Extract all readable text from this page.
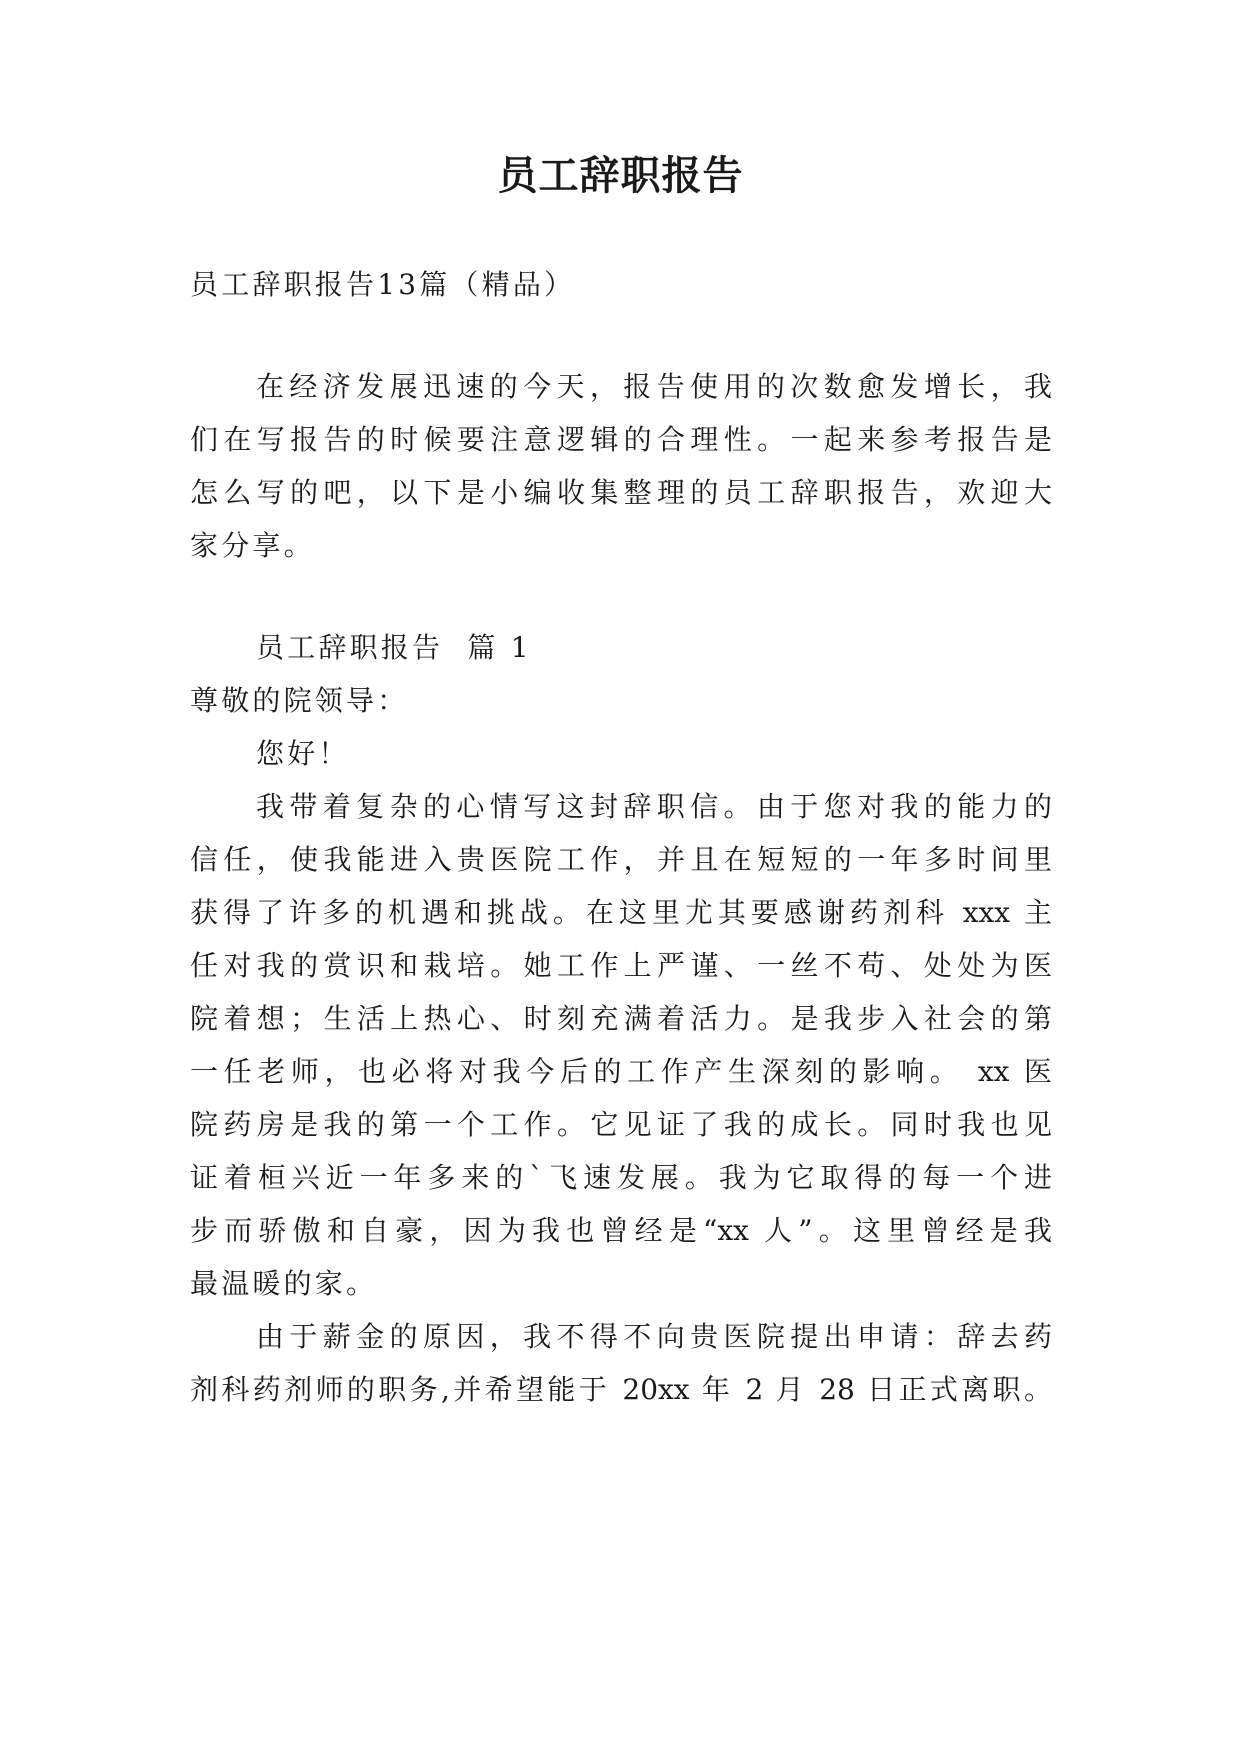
员工辞职报告
员工辞职报告13篇（精品）
在经济发展迅速的今天，报告使用的次数愈发增长，我
们在写报告的时候要注意逻辑的合理性。一起来参考报告是
怎么写的吧，以下是小编收集整理的员工辞职报告，欢迎大
家分享。
员工辞职报告  篇 1
尊敬的院领导：
您好！
我带着复杂的心情写这封辞职信。由于您对我的能力的
信任，使我能进入贵医院工作，并且在短短的一年多时间里
获得了许多的机遇和挑战。在这里尤其要感谢药剂科 xxx 主
任对我的赏识和栽培。她工作上严谨、一丝不苟、处处为医
院着想；生活上热心、时刻充满着活力。是我步入社会的第
一任老师，也必将对我今后的工作产生深刻的影响。 xx 医
院药房是我的第一个工作。它见证了我的成长。同时我也见
证着桓兴近一年多来的`飞速发展。我为它取得的每一个进
步而骄傲和自豪，因为我也曾经是“xx 人”。这里曾经是我
最温暖的家。
由于薪金的原因，我不得不向贵医院提出申请：辞去药
剂科药剂师的职务,并希望能于 20xx 年 2 月 28 日正式离职。
